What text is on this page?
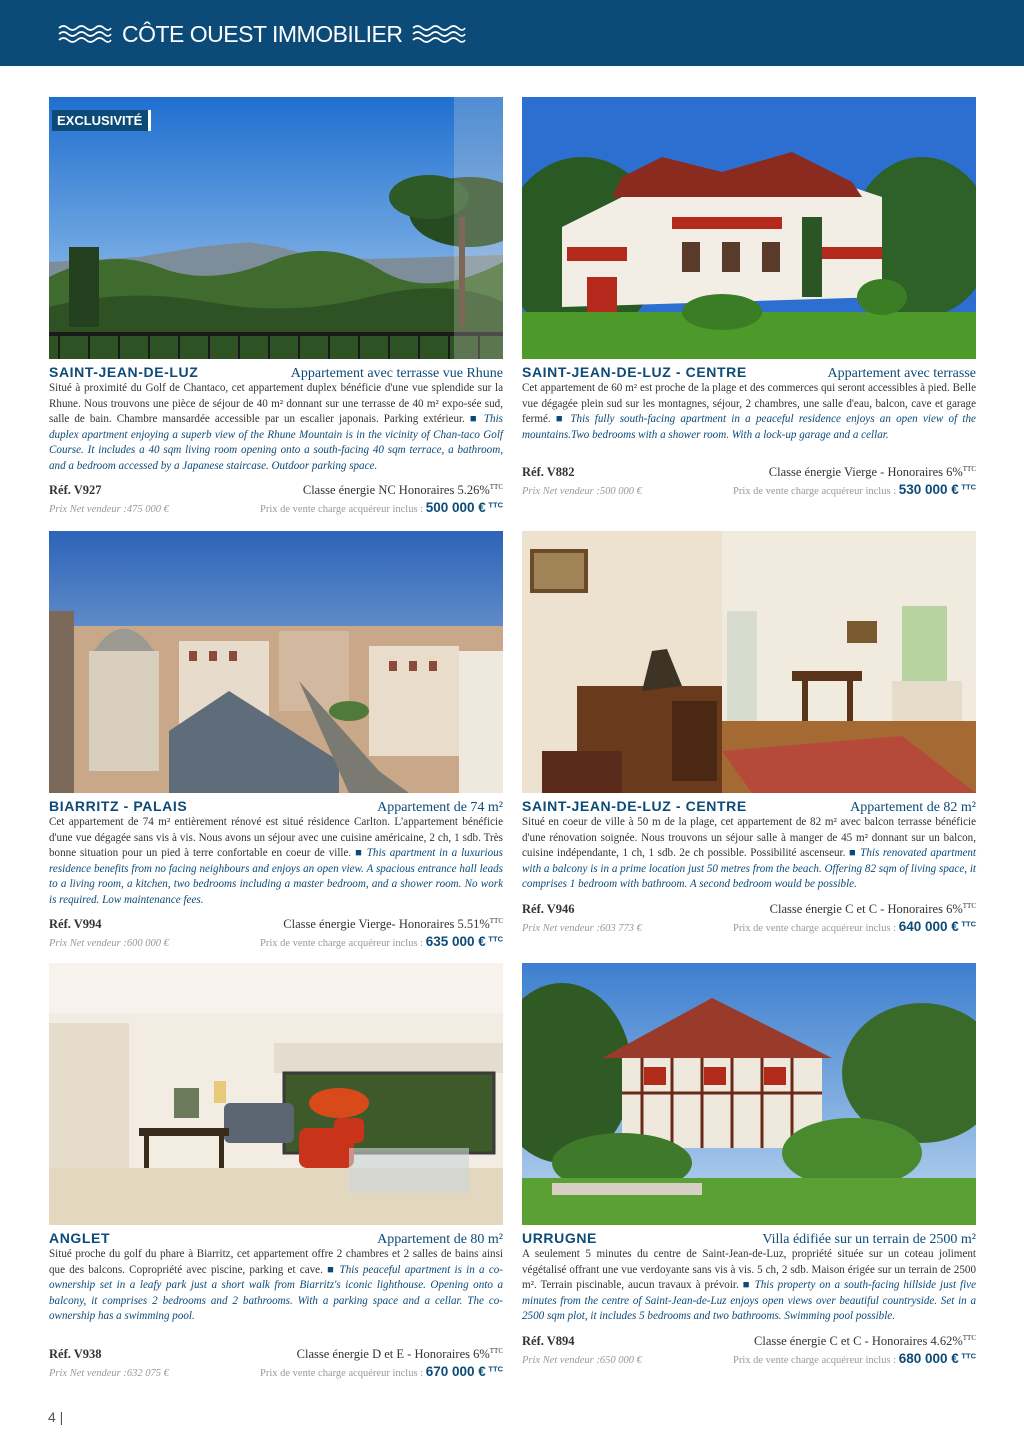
CÔTE OUEST IMMOBILIER
EXCLUSIVITÉ
SAINT-JEAN-DE-LUZ	Appartement avec terrasse vue Rhune

Situé à proximité du Golf de Chantaco, cet appartement duplex bénéficie d'une vue splendide sur la Rhune. Nous trouvons une pièce de séjour de 40 m² donnant sur une terrasse de 40 m² expo-sée sud, salle de bain. Chambre mansardée accessible par un escalier japonais. Parking extérieur. ■ This duplex apartment enjoying a superb view of the Rhune Mountain is in the vicinity of Chan-taco Golf Course. It includes a 40 sqm living room opening onto a south-facing 40 sqm terrace, a bathroom, and a bedroom accessed by a Japanese staircase. Outdoor parking space.

Réf. V927	Classe énergie NC Honoraires 5.26%$^{TTC}$
Prix Net vendeur :475 000 €	Prix de vente charge acquéreur inclus : 500 000 € $^{TTC}$
SAINT-JEAN-DE-LUZ - CENTRE	Appartement avec terrasse

Cet appartement de 60 m² est proche de la plage et des commerces qui seront accessibles à pied. Belle vue dégagée plein sud sur les montagnes, séjour, 2 chambres, une salle d'eau, balcon, cave et garage fermé. ■ This fully south-facing apartment in a peaceful residence enjoys an open view of the mountains.Two bedrooms with a shower room. With a lock-up garage and a cellar.

Réf. V882	Classe énergie Vierge - Honoraires 6%$^{TTC}$
Prix Net vendeur :500 000 €	Prix de vente charge acquéreur inclus : 530 000 € $^{TTC}$
BIARRITZ - PALAIS	Appartement de 74 m²

Cet appartement de 74 m² entièrement rénové est situé résidence Carlton. L'appartement bénéficie d'une vue dégagée sans vis à vis. Nous avons un séjour avec une cuisine américaine, 2 ch, 1 sdb. Très bonne situation pour un pied à terre confortable en coeur de ville. ■ This apartment in a luxurious residence benefits from no facing neighbours and enjoys an open view. A spacious entrance hall leads to a living room, a kitchen, two bedrooms including a master bedroom, and a shower room. No work is required. Low maintenance fees.

Réf. V994	Classe énergie Vierge- Honoraires 5.51%$^{TTC}$
Prix Net vendeur :600 000 €	Prix de vente charge acquéreur inclus : 635 000 € $^{TTC}$
SAINT-JEAN-DE-LUZ - CENTRE	Appartement de 82 m²

Situé en coeur de ville à 50 m de la plage, cet appartement de 82 m² avec balcon terrasse bénéficie d'une rénovation soignée. Nous trouvons un séjour salle à manger de 45 m² donnant sur un balcon, cuisine indépendante, 1 ch, 1 sdb. 2e ch possible. Possibilité ascenseur. ■ This renovated apartment with a balcony is in a prime location just 50 metres from the beach. Offering 82 sqm of living space, it comprises 1 bedroom with bathroom. A second bedroom would be possible.

Réf. V946	Classe énergie C et C - Honoraires 6%$^{TTC}$
Prix Net vendeur :603 773 €	Prix de vente charge acquéreur inclus : 640 000 € $^{TTC}$
ANGLET	Appartement de 80 m²

Situé proche du golf du phare à Biarritz, cet appartement offre 2 chambres et 2 salles de bains ainsi que des balcons. Copropriété avec piscine, parking et cave. ■ This peaceful apartment is in a co-ownership set in a leafy park just a short walk from Biarritz's iconic lighthouse. Opening onto a balcony, it comprises 2 bedrooms and 2 bathrooms. With a parking space and a cellar. The co-ownership has a swimming pool.

Réf. V938	Classe énergie D et E - Honoraires 6%$^{TTC}$
Prix Net vendeur :632 075 €	Prix de vente charge acquéreur inclus : 670 000 € $^{TTC}$
URRUGNE	Villa édifiée sur un terrain de 2500 m²

A seulement 5 minutes du centre de Saint-Jean-de-Luz, propriété située sur un coteau joliment végétalisé offrant une vue verdoyante sans vis à vis. 5 ch, 2 sdb. Maison érigée sur un terrain de 2500 m². Terrain piscinable, aucun travaux à prévoir. ■ This property on a south-facing hillside just five minutes from the centre of Saint-Jean-de-Luz enjoys open views over beautiful countryside. Set in a 2500 sqm plot, it includes 5 bedrooms and two bathrooms. Swimming pool possible.

Réf. V894	Classe énergie C et C - Honoraires 4.62%$^{TTC}$
Prix Net vendeur :650 000 €	Prix de vente charge acquéreur inclus : 680 000 € $^{TTC}$
4 |
